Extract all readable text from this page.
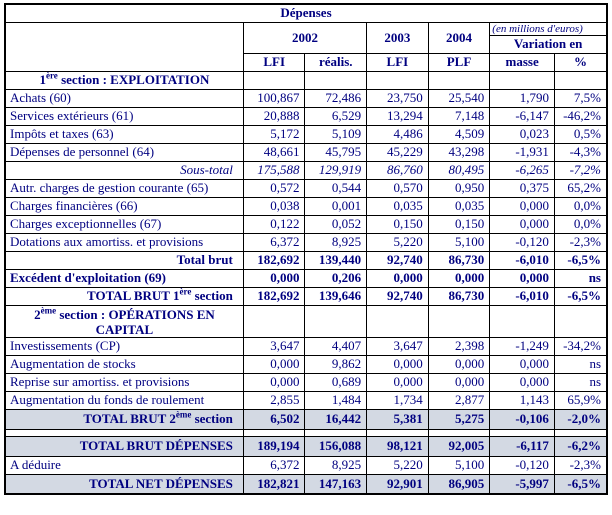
Dépenses						
	2002		2003	2004	(en millions d'euros)	
					Variation en	
	LFI	réalis.	LFI	PLF	masse	%
1ère section : EXPLOITATION						
Achats (60)	100,867	72,486	23,750	25,540	1,790	7,5%
Services extérieurs (61)	20,888	6,529	13,294	7,148	-6,147	-46,2%
Impôts et taxes (63)	5,172	5,109	4,486	4,509	0,023	0,5%
Dépenses de personnel (64)	48,661	45,795	45,229	43,298	-1,931	-4,3%
Sous-total	175,588	129,919	86,760	80,495	-6,265	-7,2%
Autr. charges de gestion courante (65)	0,572	0,544	0,570	0,950	0,375	65,2%
Charges financières (66)	0,038	0,001	0,035	0,035	0,000	0,0%
Charges exceptionnelles (67)	0,122	0,052	0,150	0,150	0,000	0,0%
Dotations aux amortiss. et provisions	6,372	8,925	5,220	5,100	-0,120	-2,3%
Total brut	182,692	139,440	92,740	86,730	-6,010	-6,5%
Excédent d'exploitation (69)	0,000	0,206	0,000	0,000	0,000	ns
TOTAL BRUT 1ère section	182,692	139,646	92,740	86,730	-6,010	-6,5%
2ème section : OPÉRATIONS EN CAPITAL						
Investissements (CP)	3,647	4,407	3,647	2,398	-1,249	-34,2%
Augmentation de stocks	0,000	9,862	0,000	0,000	0,000	ns
Reprise sur amortiss. et provisions	0,000	0,689	0,000	0,000	0,000	ns
Augmentation du fonds de roulement	2,855	1,484	1,734	2,877	1,143	65,9%
TOTAL BRUT 2ème section	6,502	16,442	5,381	5,275	-0,106	-2,0%

TOTAL BRUT DÉPENSES	189,194	156,088	98,121	92,005	-6,117	-6,2%
A déduire	6,372	8,925	5,220	5,100	-0,120	-2,3%
TOTAL NET DÉPENSES	182,821	147,163	92,901	86,905	-5,997	-6,5%
